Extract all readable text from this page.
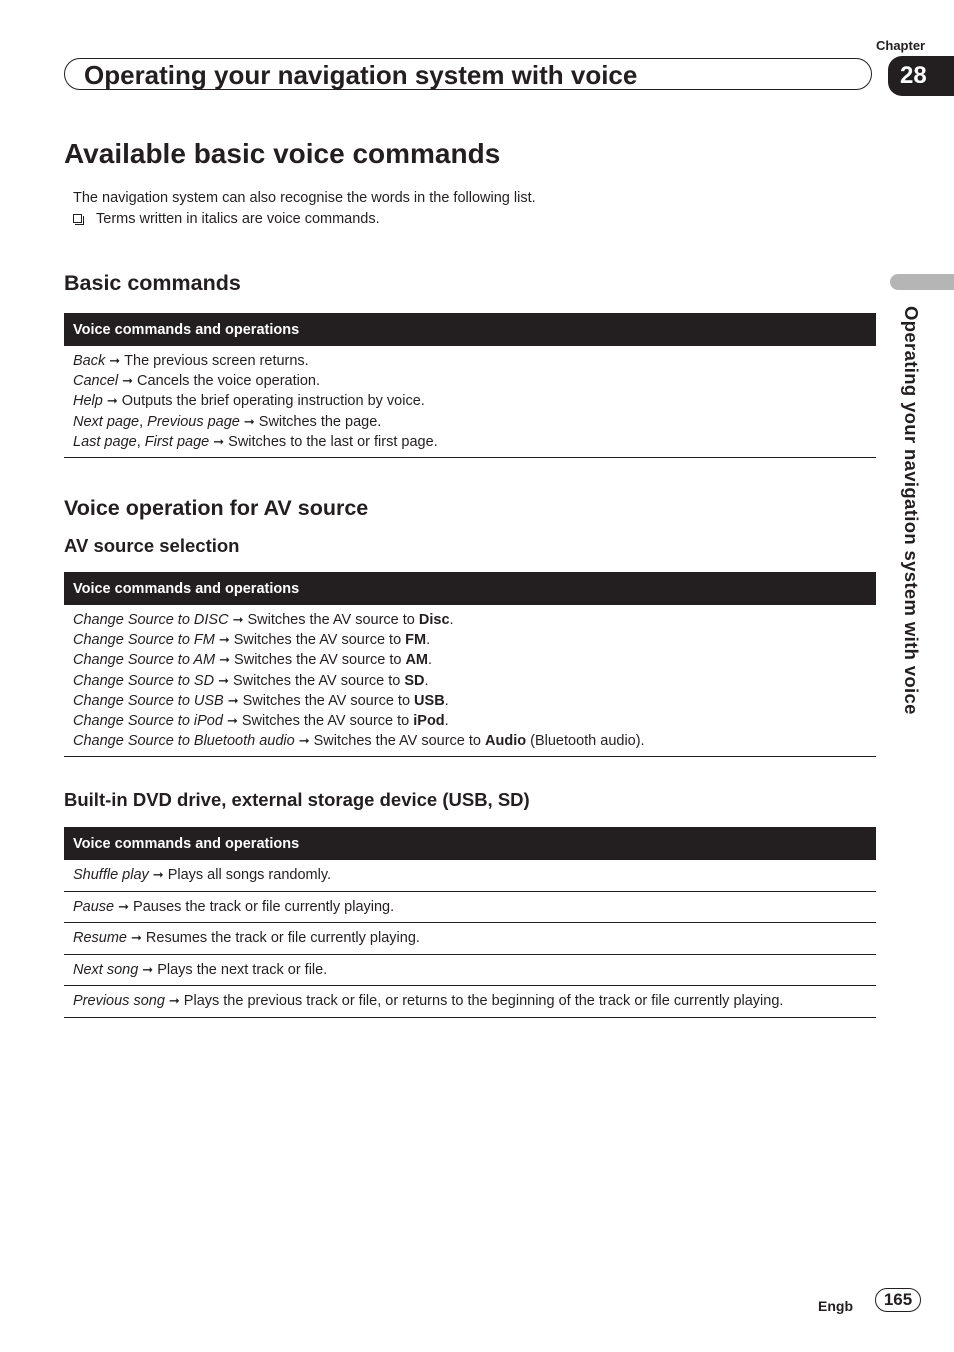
Chapter
Operating your navigation system with voice	28
Operating your navigation system with voice
Available basic voice commands
The navigation system can also recognise the words in the following list.
Terms written in italics are voice commands.
Basic commands
Voice commands and operations
Back ➞ The previous screen returns.
Cancel ➞ Cancels the voice operation.
Help ➞ Outputs the brief operating instruction by voice.
Next page, Previous page ➞ Switches the page.
Last page, First page ➞ Switches to the last or first page.
Voice operation for AV source
AV source selection
Voice commands and operations
Change Source to DISC ➞ Switches the AV source to Disc.
Change Source to FM ➞ Switches the AV source to FM.
Change Source to AM ➞ Switches the AV source to AM.
Change Source to SD ➞ Switches the AV source to SD.
Change Source to USB ➞ Switches the AV source to USB.
Change Source to iPod ➞ Switches the AV source to iPod.
Change Source to Bluetooth audio ➞ Switches the AV source to Audio (Bluetooth audio).
Built-in DVD drive, external storage device (USB, SD)
Voice commands and operations
Shuffle play ➞ Plays all songs randomly.
Pause ➞ Pauses the track or file currently playing.
Resume ➞ Resumes the track or file currently playing.
Next song ➞ Plays the next track or file.
Previous song ➞ Plays the previous track or file, or returns to the beginning of the track or file currently playing.
Engb 165
